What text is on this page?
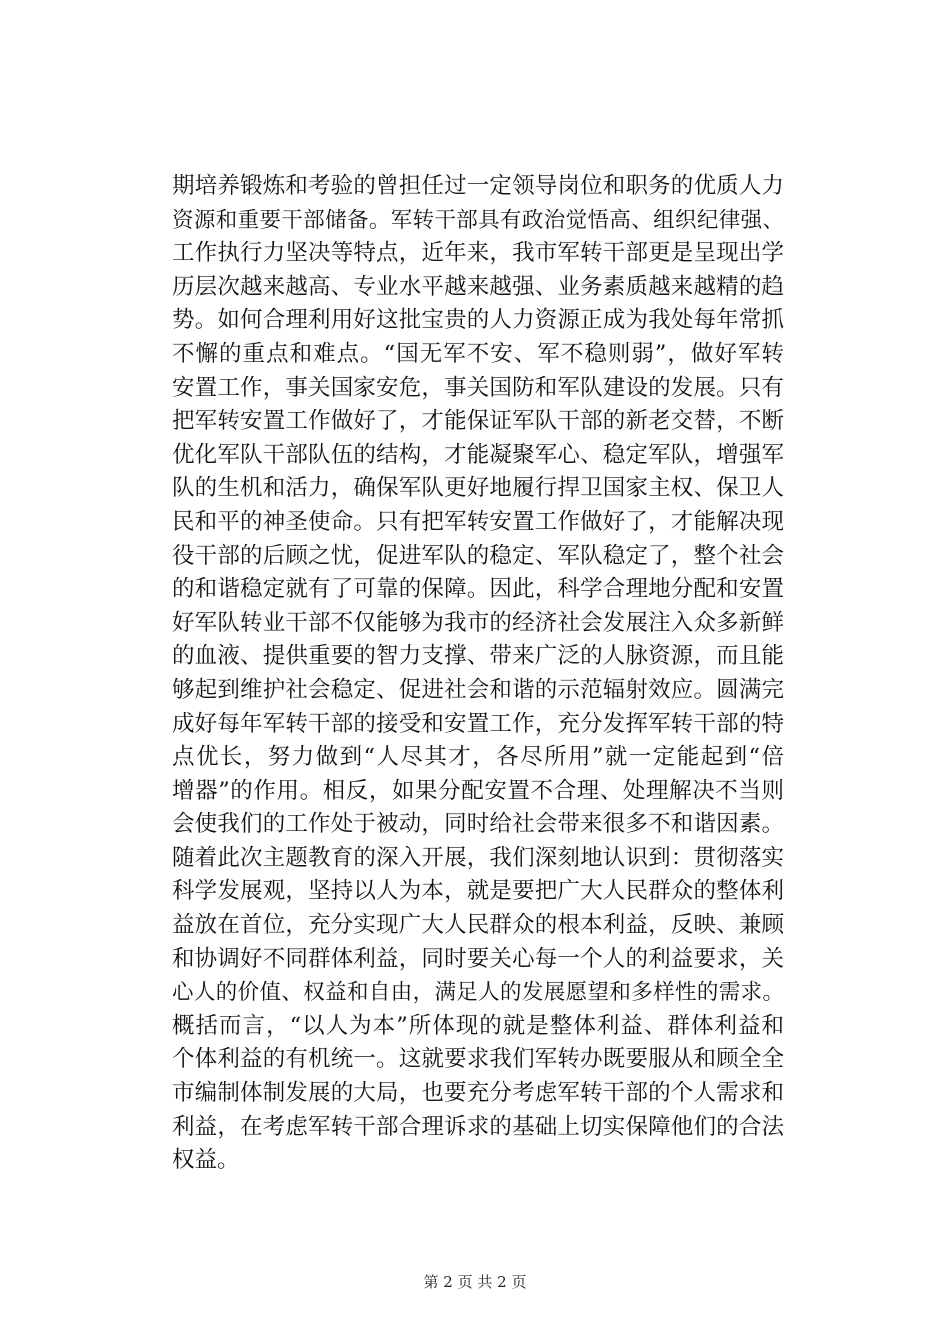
期培养锻炼和考验的曾担任过一定领导岗位和职务的优质人力
资源和重要干部储备。军转干部具有政治觉悟高、组织纪律强、
工作执行力坚决等特点，近年来，我市军转干部更是呈现出学
历层次越来越高、专业水平越来越强、业务素质越来越精的趋
势。如何合理利用好这批宝贵的人力资源正成为我处每年常抓
不懈的重点和难点。“国无军不安、军不稳则弱”，做好军转
安置工作，事关国家安危，事关国防和军队建设的发展。只有
把军转安置工作做好了，才能保证军队干部的新老交替，不断
优化军队干部队伍的结构，才能凝聚军心、稳定军队，增强军
队的生机和活力，确保军队更好地履行捍卫国家主权、保卫人
民和平的神圣使命。只有把军转安置工作做好了，才能解决现
役干部的后顾之忧，促进军队的稳定、军队稳定了，整个社会
的和谐稳定就有了可靠的保障。因此，科学合理地分配和安置
好军队转业干部不仅能够为我市的经济社会发展注入众多新鲜
的血液、提供重要的智力支撑、带来广泛的人脉资源，而且能
够起到维护社会稳定、促进社会和谐的示范辐射效应。圆满完
成好每年军转干部的接受和安置工作，充分发挥军转干部的特
点优长，努力做到“人尽其才，各尽所用”就一定能起到“倍
增器”的作用。相反，如果分配安置不合理、处理解决不当则
会使我们的工作处于被动，同时给社会带来很多不和谐因素。
随着此次主题教育的深入开展，我们深刻地认识到：贯彻落实
科学发展观，坚持以人为本，就是要把广大人民群众的整体利
益放在首位，充分实现广大人民群众的根本利益，反映、兼顾
和协调好不同群体利益，同时要关心每一个人的利益要求，关
心人的价值、权益和自由，满足人的发展愿望和多样性的需求。
概括而言，“以人为本”所体现的就是整体利益、群体利益和
个体利益的有机统一。这就要求我们军转办既要服从和顾全全
市编制体制发展的大局，也要充分考虑军转干部的个人需求和
利益，在考虑军转干部合理诉求的基础上切实保障他们的合法
权益。
第 2 页 共 2 页
